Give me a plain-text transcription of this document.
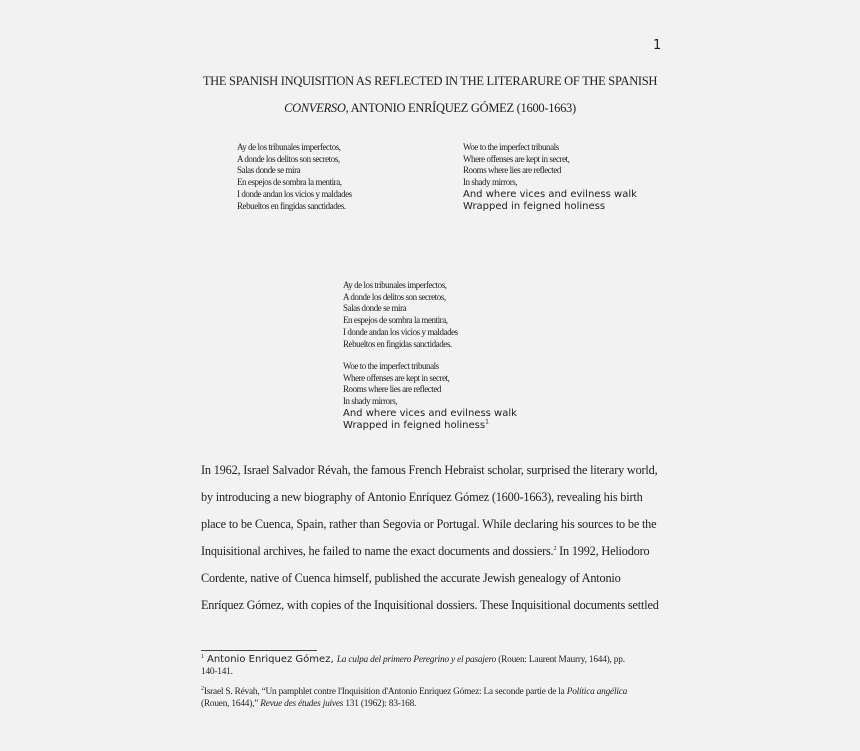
1
THE SPANISH INQUISITION AS REFLECTED IN THE LITERARURE OF THE SPANISH
CONVERSO, ANTONIO ENRÍQUEZ GÓMEZ (1600-1663)
Ay de los tribunales imperfectos,
A donde los delitos son secretos,
Salas donde se mira
En espejos de sombra la mentira,
I donde andan los vicios y maldades
Rebueltos en fingidas sanctidades.
Woe to the imperfect tribunals
Where offenses are kept in secret,
Rooms where lies are reflected
In shady mirrors,
And where vices and evilness walk
Wrapped in feigned holiness
Ay de los tribunales imperfectos,
A donde los delitos son secretos,
Salas donde se mira
En espejos de sombra la mentira,
I donde andan los vicios y maldades
Rebueltos en fingidas sanctidades.
Woe to the imperfect tribunals
Where offenses are kept in secret,
Rooms where lies are reflected
In shady mirrors,
And where vices and evilness walk
Wrapped in feigned holiness$^1$
In 1962, Israel Salvador Révah, the famous French Hebraist scholar, surprised the literary world,
by introducing a new biography of Antonio Enríquez Gómez (1600-1663), revealing his birth
place to be Cuenca, Spain, rather than Segovia or Portugal. While declaring his sources to be the
Inquisitional archives, he failed to name the exact documents and dossiers.$^2$ In 1992, Heliodoro
Cordente, native of Cuenca himself, published the accurate Jewish genealogy of Antonio
Enríquez Gómez, with copies of the Inquisitional dossiers. These Inquisitional documents settled
$^1$ Antonio Enriquez Gómez, La culpa del primero Peregrino y el pasajero (Rouen: Laurent Maurry, 1644), pp.
140-141.
$^2$Israel S. Révah, “Un pamphlet contre l'Inquisition d'Antonio Enriquez Gómez: La seconde partie de la Política angélica
(Rouen, 1644),” Revue des études juives 131 (1962): 83-168.
